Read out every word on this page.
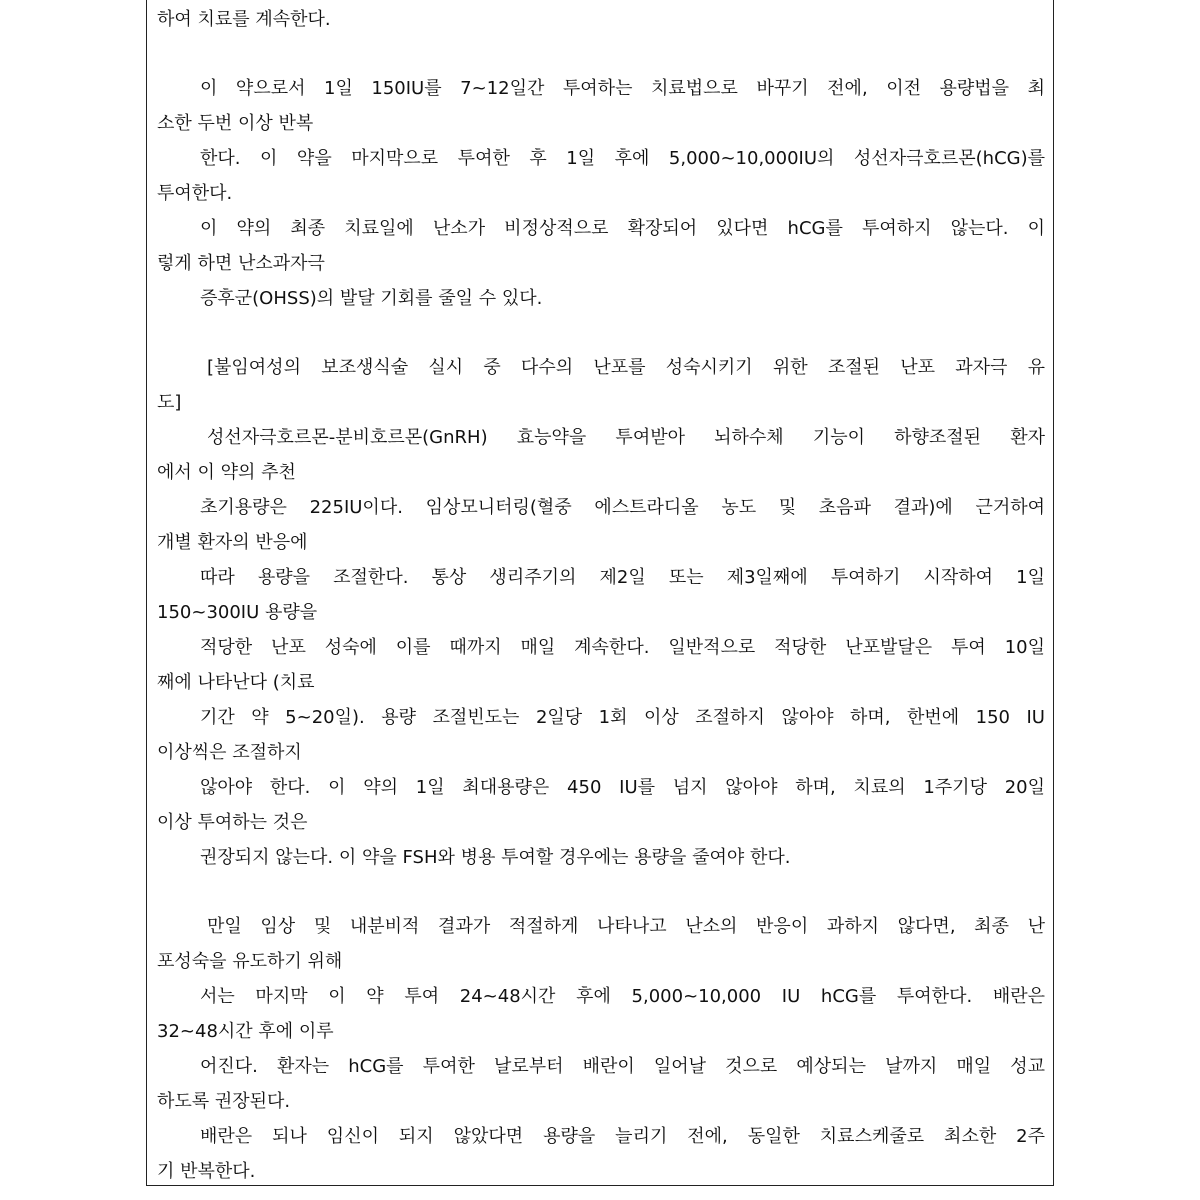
하여 치료를 계속한다.
이 약으로서 1일 150IU를 7~12일간 투여하는 치료법으로 바꾸기 전에, 이전 용량법을 최
소한 두번 이상 반복
한다. 이 약을 마지막으로 투여한 후 1일 후에 5,000~10,000IU의 성선자극호르몬(hCG)를
투여한다.
이 약의 최종 치료일에 난소가 비정상적으로 확장되어 있다면 hCG를 투여하지 않는다. 이
렇게 하면 난소과자극
증후군(OHSS)의 발달 기회를 줄일 수 있다.
[불임여성의 보조생식술 실시 중 다수의 난포를 성숙시키기 위한 조절된 난포 과자극 유
도]
성선자극호르몬-분비호르몬(GnRH) 효능약을 투여받아 뇌하수체 기능이 하향조절된 환자
에서 이 약의 추천
초기용량은 225IU이다. 임상모니터링(혈중 에스트라디올 농도 및 초음파 결과)에 근거하여
개별 환자의 반응에
따라 용량을 조절한다. 통상 생리주기의 제2일 또는 제3일째에 투여하기 시작하여 1일
150~300IU 용량을
적당한 난포 성숙에 이를 때까지 매일 계속한다. 일반적으로 적당한 난포발달은 투여 10일
째에 나타난다 (치료
기간 약 5~20일). 용량 조절빈도는 2일당 1회 이상 조절하지 않아야 하며, 한번에 150 IU
이상씩은 조절하지
않아야 한다. 이 약의 1일 최대용량은 450 IU를 넘지 않아야 하며, 치료의 1주기당 20일
이상 투여하는 것은
권장되지 않는다. 이 약을 FSH와 병용 투여할 경우에는 용량을 줄여야 한다.
만일 임상 및 내분비적 결과가 적절하게 나타나고 난소의 반응이 과하지 않다면, 최종 난
포성숙을 유도하기 위해
서는 마지막 이 약 투여 24~48시간 후에 5,000~10,000 IU hCG를 투여한다. 배란은
32~48시간 후에 이루
어진다. 환자는 hCG를 투여한 날로부터 배란이 일어날 것으로 예상되는 날까지 매일 성교
하도록 권장된다.
배란은 되나 임신이 되지 않았다면 용량을 늘리기 전에, 동일한 치료스케줄로 최소한 2주
기 반복한다.
